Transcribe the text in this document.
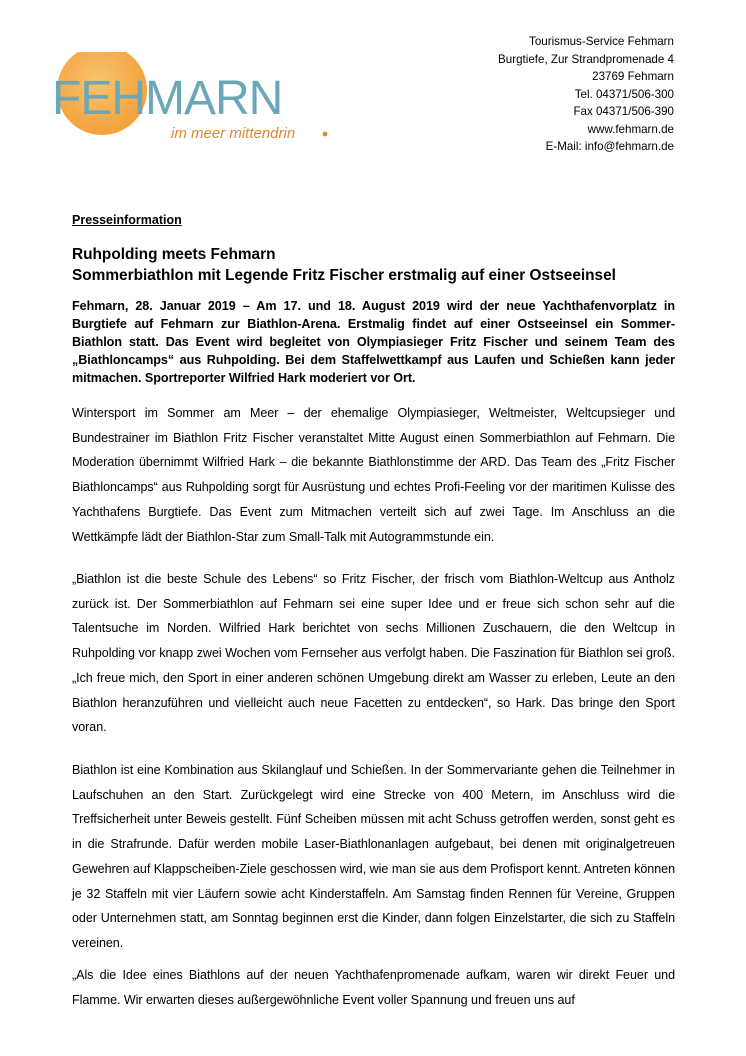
FEHMARN
im meer mittendrin
Tourismus-Service Fehmarn
Burgtiefe, Zur Strandpromenade 4
23769 Fehmarn
Tel. 04371/506-300
Fax 04371/506-390
www.fehmarn.de
E-Mail: info@fehmarn.de
Presseinformation
Ruhpolding meets Fehmarn
Sommerbiathlon mit Legende Fritz Fischer erstmalig auf einer Ostseeinsel
Fehmarn, 28. Januar 2019 – Am 17. und 18. August 2019 wird der neue Yachthafenvorplatz in Burgtiefe auf Fehmarn zur Biathlon-Arena. Erstmalig findet auf einer Ostseeinsel ein Sommer-Biathlon statt. Das Event wird begleitet von Olympiasieger Fritz Fischer und seinem Team des „Biathloncamps“ aus Ruhpolding. Bei dem Staffelwettkampf aus Laufen und Schießen kann jeder mitmachen. Sportreporter Wilfried Hark moderiert vor Ort.
Wintersport im Sommer am Meer – der ehemalige Olympiasieger, Weltmeister, Weltcupsieger und Bundestrainer im Biathlon Fritz Fischer veranstaltet Mitte August einen Sommerbiathlon auf Fehmarn. Die Moderation übernimmt Wilfried Hark – die bekannte Biathlonstimme der ARD. Das Team des „Fritz Fischer Biathloncamps“ aus Ruhpolding sorgt für Ausrüstung und echtes Profi-Feeling vor der maritimen Kulisse des Yachthafens Burgtiefe. Das Event zum Mitmachen verteilt sich auf zwei Tage. Im Anschluss an die Wettkämpfe lädt der Biathlon-Star zum Small-Talk mit Autogrammstunde ein.
„Biathlon ist die beste Schule des Lebens“ so Fritz Fischer, der frisch vom Biathlon-Weltcup aus Antholz zurück ist. Der Sommerbiathlon auf Fehmarn sei eine super Idee und er freue sich schon sehr auf die Talentsuche im Norden. Wilfried Hark berichtet von sechs Millionen Zuschauern, die den Weltcup in Ruhpolding vor knapp zwei Wochen vom Fernseher aus verfolgt haben. Die Faszination für Biathlon sei groß. „Ich freue mich, den Sport in einer anderen schönen Umgebung direkt am Wasser zu erleben, Leute an den Biathlon heranzuführen und vielleicht auch neue Facetten zu entdecken“, so Hark. Das bringe den Sport voran.
Biathlon ist eine Kombination aus Skilanglauf und Schießen. In der Sommervariante gehen die Teilnehmer in Laufschuhen an den Start. Zurückgelegt wird eine Strecke von 400 Metern, im Anschluss wird die Treffsicherheit unter Beweis gestellt. Fünf Scheiben müssen mit acht Schuss getroffen werden, sonst geht es in die Strafrunde. Dafür werden mobile Laser-Biathlonanlagen aufgebaut, bei denen mit originalgetreuen Gewehren auf Klappscheiben-Ziele geschossen wird, wie man sie aus dem Profisport kennt. Antreten können je 32 Staffeln mit vier Läufern sowie acht Kinderstaffeln. Am Samstag finden Rennen für Vereine, Gruppen oder Unternehmen statt, am Sonntag beginnen erst die Kinder, dann folgen Einzelstarter, die sich zu Staffeln vereinen.
„Als die Idee eines Biathlons auf der neuen Yachthafenpromenade aufkam, waren wir direkt Feuer und Flamme. Wir erwarten dieses außergewöhnliche Event voller Spannung und freuen uns auf
